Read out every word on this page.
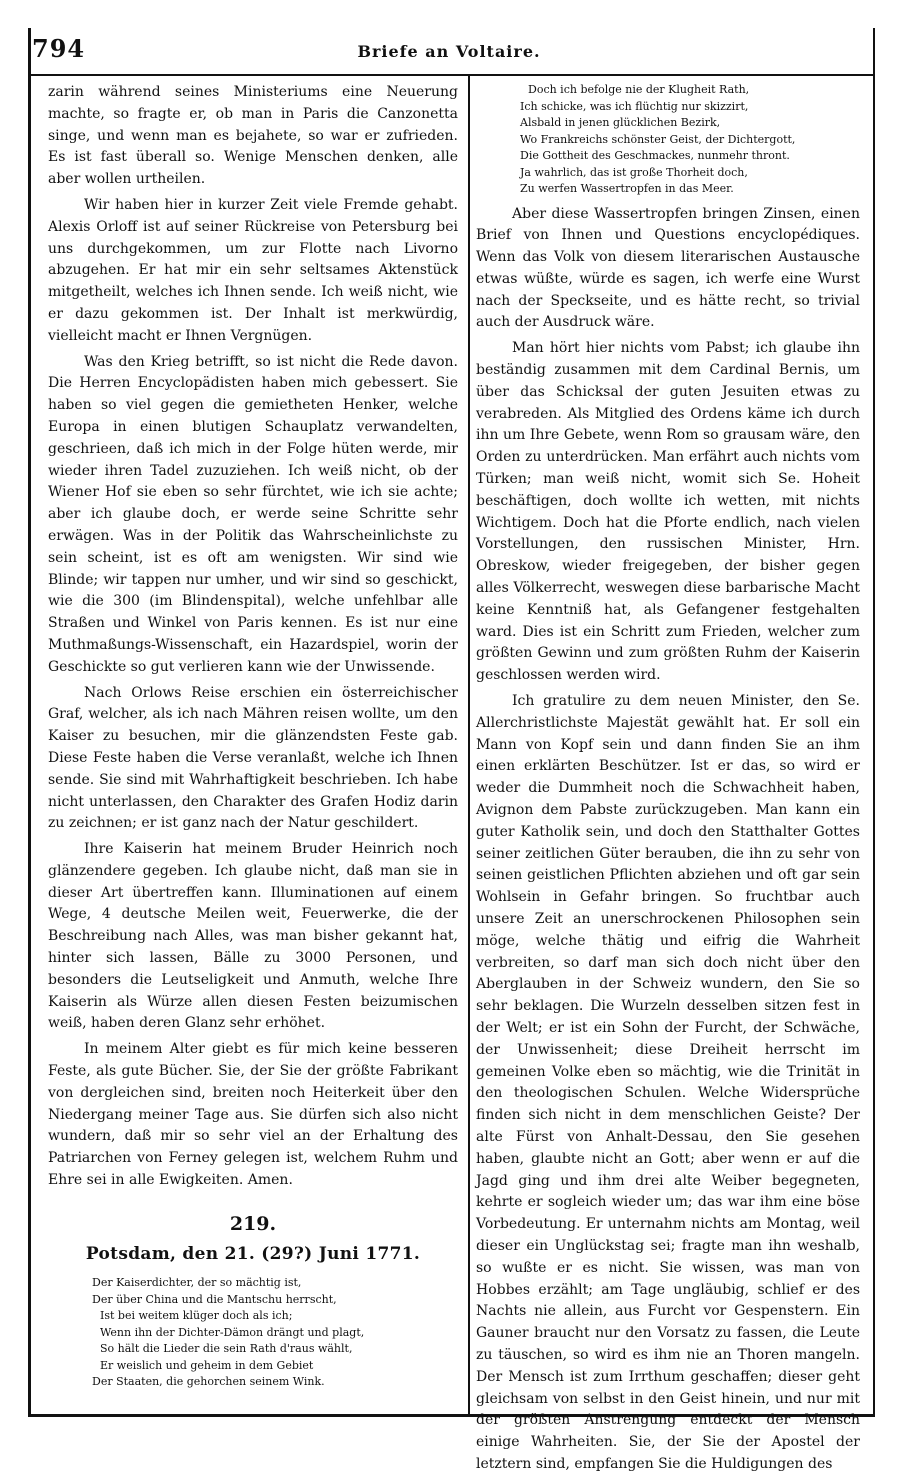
794	Briefe an Voltaire.

zarin während seines Ministeriums eine Neuerung machte, so fragte er, ob man in Paris die Canzonetta singe, und wenn man es bejahete, so war er zufrieden. Es ist fast überall so. Wenige Menschen denken, alle aber wollen urtheilen.

Wir haben hier in kurzer Zeit viele Fremde gehabt. Alexis Orloff ist auf seiner Rückreise von Petersburg bei uns durchgekommen, um zur Flotte nach Livorno abzugehen. Er hat mir ein sehr seltsames Aktenstück mitgetheilt, welches ich Ihnen sende. Ich weiß nicht, wie er dazu gekommen ist. Der Inhalt ist merkwürdig, vielleicht macht er Ihnen Vergnügen.

Was den Krieg betrifft, so ist nicht die Rede davon. Die Herren Encyclopädisten haben mich gebessert. Sie haben so viel gegen die gemietheten Henker, welche Europa in einen blutigen Schauplatz verwandelten, geschrieen, daß ich mich in der Folge hüten werde, mir wieder ihren Tadel zuzuziehen. Ich weiß nicht, ob der Wiener Hof sie eben so sehr fürchtet, wie ich sie achte; aber ich glaube doch, er werde seine Schritte sehr erwägen. Was in der Politik das Wahrscheinlichste zu sein scheint, ist es oft am wenigsten. Wir sind wie Blinde; wir tappen nur umher, und wir sind so geschickt, wie die 300 (im Blindenspital), welche unfehlbar alle Straßen und Winkel von Paris kennen. Es ist nur eine Muthmaßungs-Wissenschaft, ein Hazardspiel, worin der Geschickte so gut verlieren kann wie der Unwissende.

Nach Orlows Reise erschien ein österreichischer Graf, welcher, als ich nach Mähren reisen wollte, um den Kaiser zu besuchen, mir die glänzendsten Feste gab. Diese Feste haben die Verse veranlaßt, welche ich Ihnen sende. Sie sind mit Wahrhaftigkeit beschrieben. Ich habe nicht unterlassen, den Charakter des Grafen Hodiz darin zu zeichnen; er ist ganz nach der Natur geschildert.

Ihre Kaiserin hat meinem Bruder Heinrich noch glänzendere gegeben. Ich glaube nicht, daß man sie in dieser Art übertreffen kann. Illuminationen auf einem Wege, 4 deutsche Meilen weit, Feuerwerke, die der Beschreibung nach Alles, was man bisher gekannt hat, hinter sich lassen, Bälle zu 3000 Personen, und besonders die Leutseligkeit und Anmuth, welche Ihre Kaiserin als Würze allen diesen Festen beizumischen weiß, haben deren Glanz sehr erhöhet.

In meinem Alter giebt es für mich keine besseren Feste, als gute Bücher. Sie, der Sie der größte Fabrikant von dergleichen sind, breiten noch Heiterkeit über den Niedergang meiner Tage aus. Sie dürfen sich also nicht wundern, daß mir so sehr viel an der Erhaltung des Patriarchen von Ferney gelegen ist, welchem Ruhm und Ehre sei in alle Ewigkeiten. Amen.

219.
Potsdam, den 21. (29?) Juni 1771.
Der Kaiserdichter, der so mächtig ist,
Der über China und die Mantschu herrscht,
Ist bei weitem klüger doch als ich;
Wenn ihn der Dichter-Dämon drängt und plagt,
So hält die Lieder die sein Rath d'raus wählt,
Er weislich und geheim in dem Gebiet
Der Staaten, die gehorchen seinem Wink.
Doch ich befolge nie der Klugheit Rath,
Ich schicke, was ich flüchtig nur skizzirt,
Alsbald in jenen glücklichen Bezirk,
Wo Frankreichs schönster Geist, der Dichtergott,
Die Gottheit des Geschmackes, nunmehr thront.
Ja wahrlich, das ist große Thorheit doch,
Zu werfen Wassertropfen in das Meer.

Aber diese Wassertropfen bringen Zinsen, einen Brief von Ihnen und Questions encyclopédiques. Wenn das Volk von diesem literarischen Austausche etwas wüßte, würde es sagen, ich werfe eine Wurst nach der Speckseite, und es hätte recht, so trivial auch der Ausdruck wäre.

Man hört hier nichts vom Pabst; ich glaube ihn beständig zusammen mit dem Cardinal Bernis, um über das Schicksal der guten Jesuiten etwas zu verabreden. Als Mitglied des Ordens käme ich durch ihn um Ihre Gebete, wenn Rom so grausam wäre, den Orden zu unterdrücken. Man erfährt auch nichts vom Türken; man weiß nicht, womit sich Se. Hoheit beschäftigen, doch wollte ich wetten, mit nichts Wichtigem. Doch hat die Pforte endlich, nach vielen Vorstellungen, den russischen Minister, Hrn. Obreskow, wieder freigegeben, der bisher gegen alles Völkerrecht, weswegen diese barbarische Macht keine Kenntniß hat, als Gefangener festgehalten ward. Dies ist ein Schritt zum Frieden, welcher zum größten Gewinn und zum größten Ruhm der Kaiserin geschlossen werden wird.

Ich gratulire zu dem neuen Minister, den Se. Allerchristlichste Majestät gewählt hat. Er soll ein Mann von Kopf sein und dann finden Sie an ihm einen erklärten Beschützer. Ist er das, so wird er weder die Dummheit noch die Schwachheit haben, Avignon dem Pabste zurückzugeben. Man kann ein guter Katholik sein, und doch den Statthalter Gottes seiner zeitlichen Güter berauben, die ihn zu sehr von seinen geistlichen Pflichten abziehen und oft gar sein Wohlsein in Gefahr bringen. So fruchtbar auch unsere Zeit an unerschrockenen Philosophen sein möge, welche thätig und eifrig die Wahrheit verbreiten, so darf man sich doch nicht über den Aberglauben in der Schweiz wundern, den Sie so sehr beklagen. Die Wurzeln desselben sitzen fest in der Welt; er ist ein Sohn der Furcht, der Schwäche, der Unwissenheit; diese Dreiheit herrscht im gemeinen Volke eben so mächtig, wie die Trinität in den theologischen Schulen. Welche Widersprüche finden sich nicht in dem menschlichen Geiste? Der alte Fürst von Anhalt-Dessau, den Sie gesehen haben, glaubte nicht an Gott; aber wenn er auf die Jagd ging und ihm drei alte Weiber begegneten, kehrte er sogleich wieder um; das war ihm eine böse Vorbedeutung. Er unternahm nichts am Montag, weil dieser ein Unglückstag sei; fragte man ihn weshalb, so wußte er es nicht. Sie wissen, was man von Hobbes erzählt; am Tage ungläubig, schlief er des Nachts nie allein, aus Furcht vor Gespenstern. Ein Gauner braucht nur den Vorsatz zu fassen, die Leute zu täuschen, so wird es ihm nie an Thoren mangeln. Der Mensch ist zum Irrthum geschaffen; dieser geht gleichsam von selbst in den Geist hinein, und nur mit der größten Anstrengung entdeckt der Mensch einige Wahrheiten. Sie, der Sie der Apostel der letztern sind, empfangen Sie die Huldigungen des
